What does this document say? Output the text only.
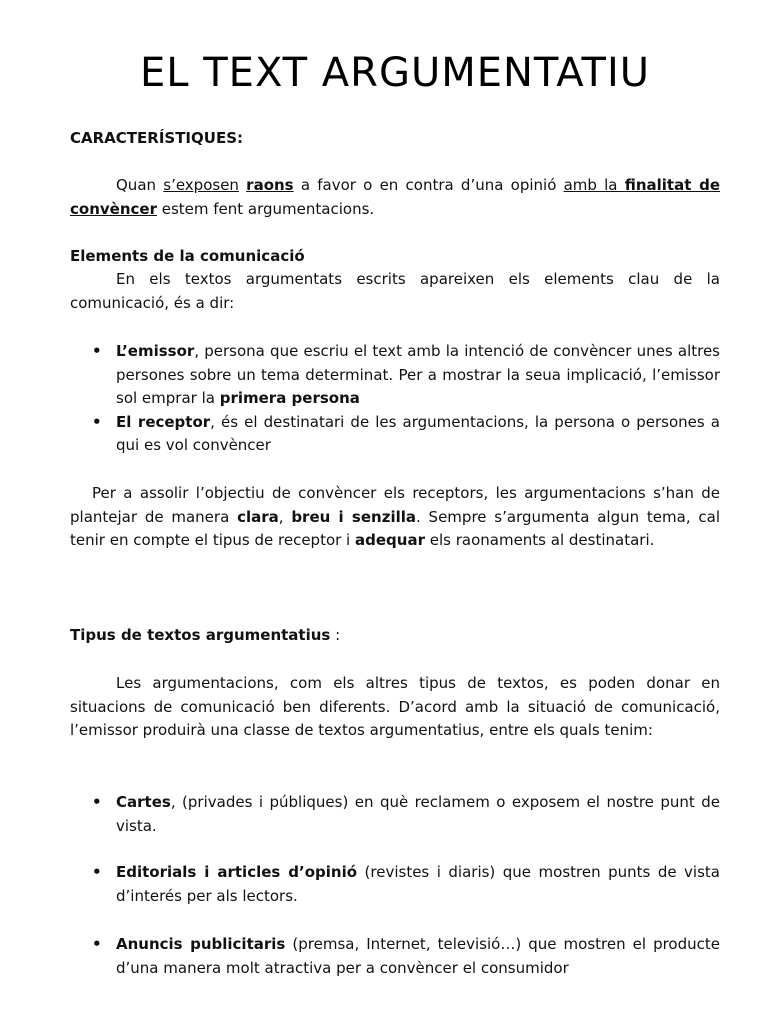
EL TEXT ARGUMENTATIU
CARACTERÍSTIQUES:
Quan s’exposen raons a favor o en contra d’una opinió amb la finalitat de convèncer estem fent argumentacions.
Elements de la comunicació
En els textos argumentats escrits apareixen els elements clau de la comunicació, és a dir:
• L’emissor, persona que escriu el text amb la intenció de convèncer unes altres persones sobre un tema determinat. Per a mostrar la seua implicació, l’emissor sol emprar la primera persona
• El receptor, és el destinatari de les argumentacions, la persona o persones a qui es vol convèncer
Per a assolir l’objectiu de convèncer els receptors, les argumentacions s’han de plantejar de manera clara, breu i senzilla. Sempre s’argumenta algun tema, cal tenir en compte el tipus de receptor i adequar els raonaments al destinatari.
Tipus de textos argumentatius :
Les argumentacions, com els altres tipus de textos, es poden donar en situacions de comunicació ben diferents. D’acord amb la situació de comunicació, l’emissor produirà una classe de textos argumentatius, entre els quals tenim:
• Cartes, (privades i públiques) en què reclamem o exposem el nostre punt de vista.
• Editorials i articles d’opinió (revistes i diaris) que mostren punts de vista d’interés per als lectors.
• Anuncis publicitaris (premsa, Internet, televisió…) que mostren el producte d’una manera molt atractiva per a convèncer el consumidor
